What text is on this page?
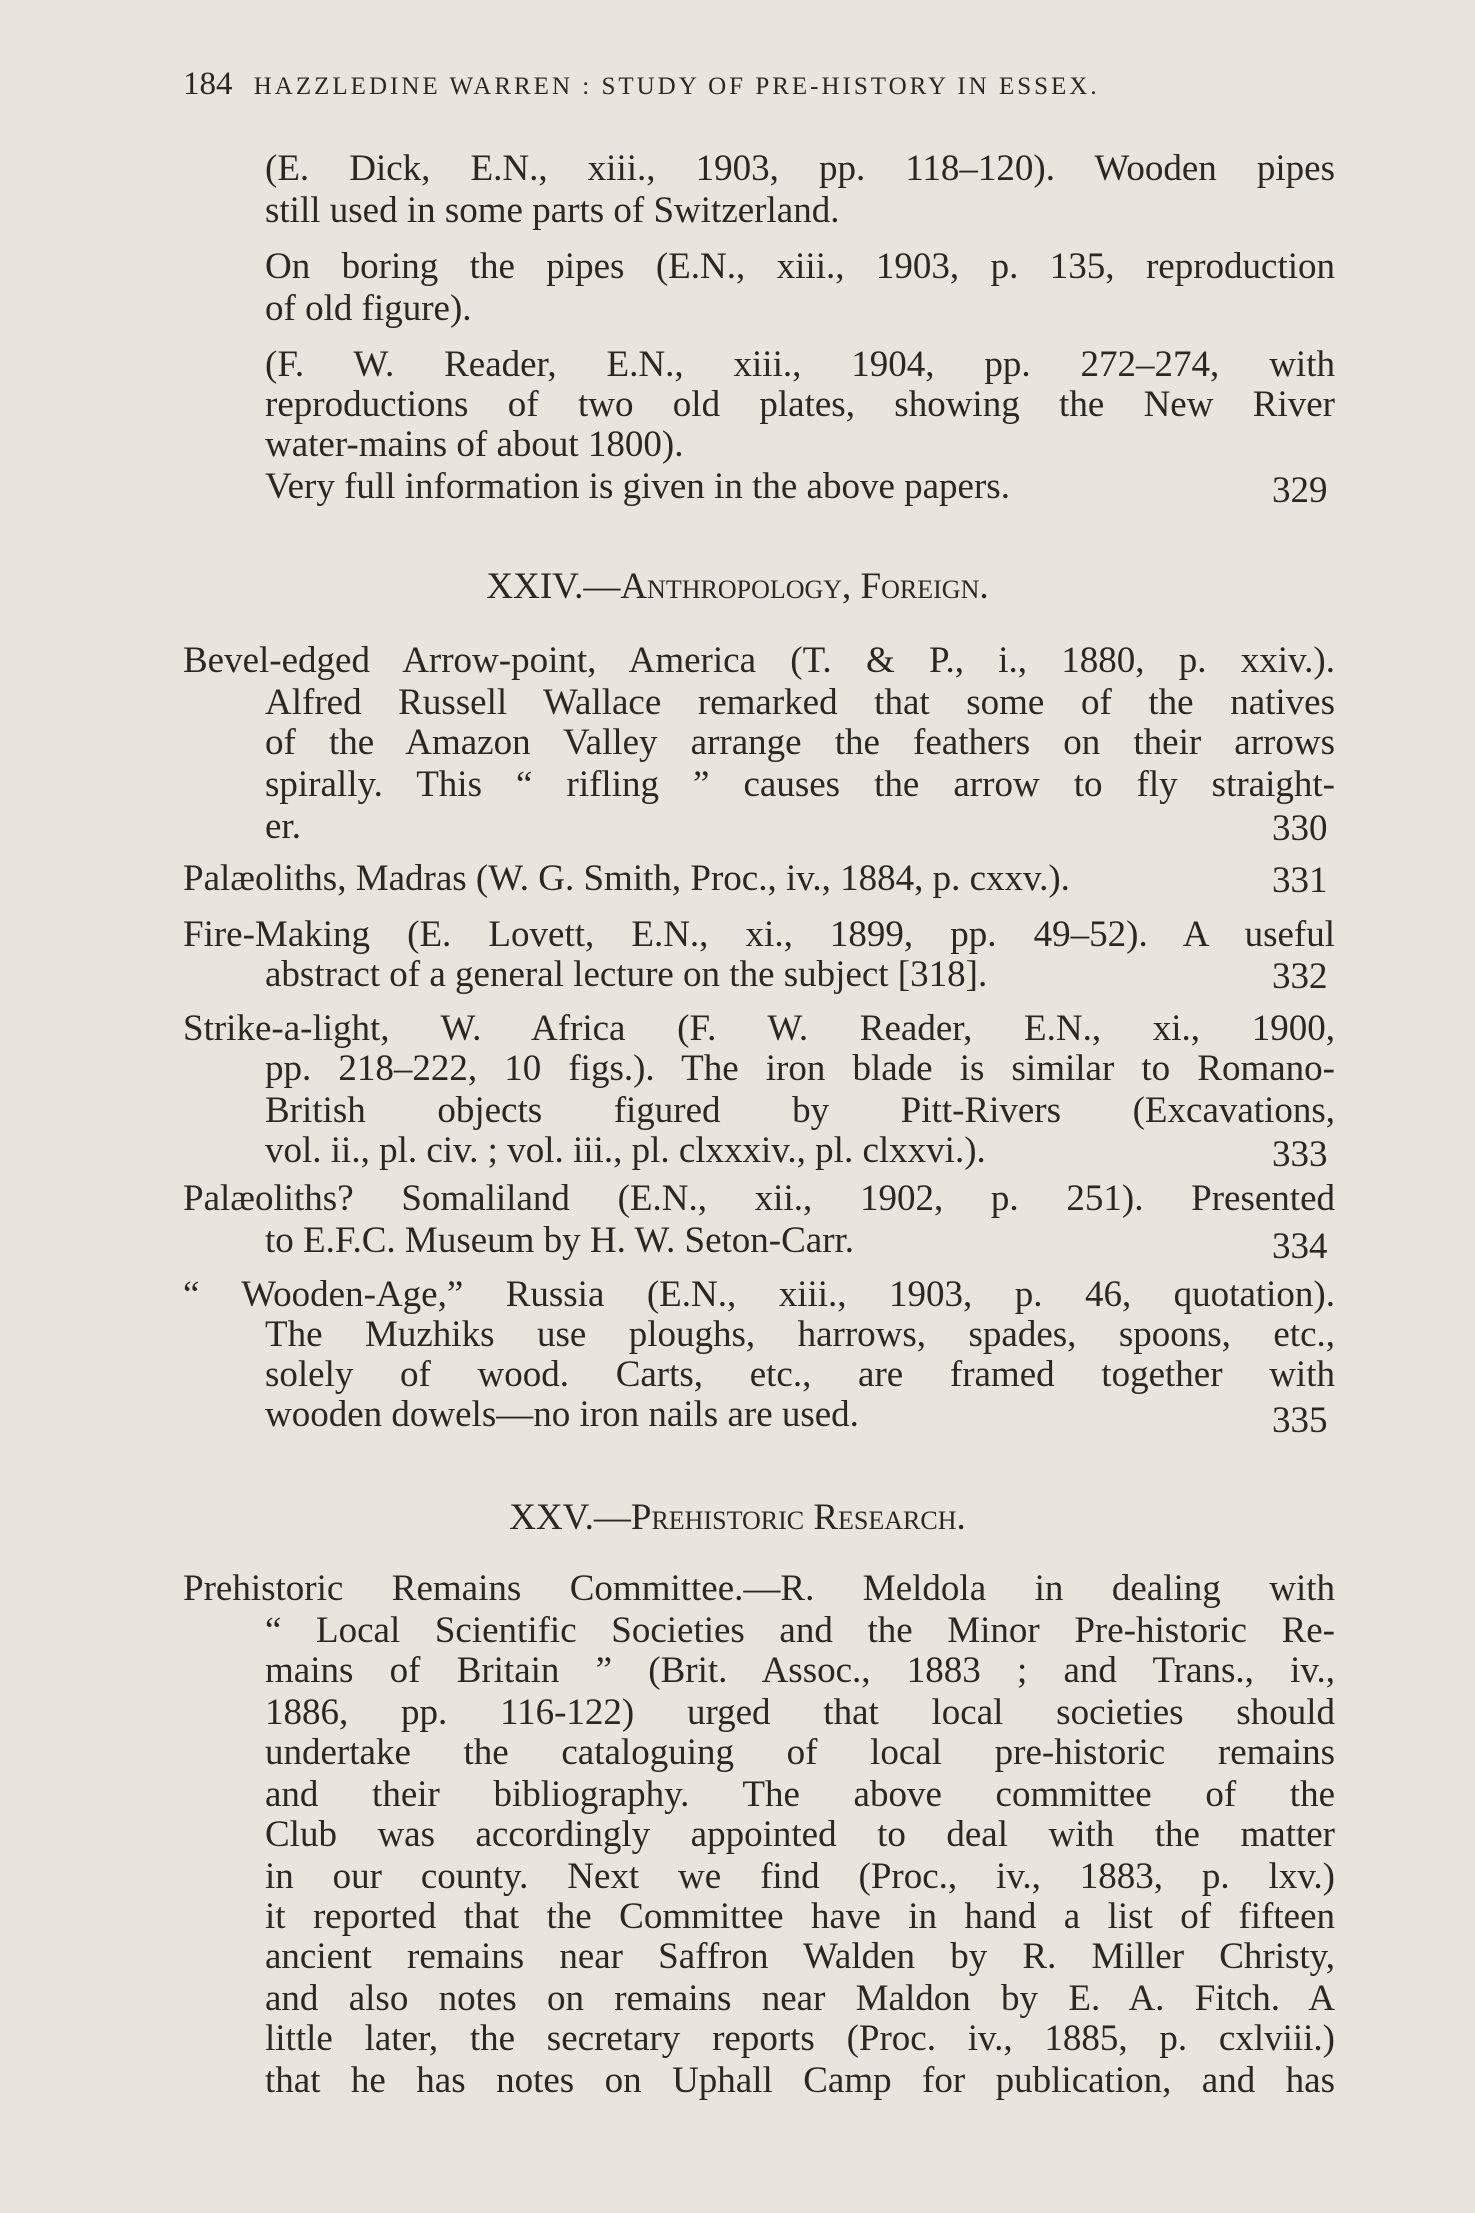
184 HAZZLEDINE WARREN : STUDY OF PRE-HISTORY IN ESSEX.
(E. Dick, E.N., xiii., 1903, pp. 118–120). Wooden pipes
still used in some parts of Switzerland.
On boring the pipes (E.N., xiii., 1903, p. 135, reproduction
of old figure).
(F. W. Reader, E.N., xiii., 1904, pp. 272–274, with
reproductions of two old plates, showing the New River
water-mains of about 1800).
Very full information is given in the above papers.	329
XXIV.—Anthropology, Foreign.
Bevel-edged Arrow-point, America (T. & P., i., 1880, p. xxiv.).
Alfred Russell Wallace remarked that some of the natives
of the Amazon Valley arrange the feathers on their arrows
spirally. This “ rifling ” causes the arrow to fly straight-
er.	330
Palæoliths, Madras (W. G. Smith, Proc., iv., 1884, p. cxxv.).	331
Fire-Making (E. Lovett, E.N., xi., 1899, pp. 49–52). A useful
abstract of a general lecture on the subject [318].	332
Strike-a-light, W. Africa (F. W. Reader, E.N., xi., 1900,
pp. 218–222, 10 figs.). The iron blade is similar to Romano-
British objects figured by Pitt-Rivers (Excavations,
vol. ii., pl. civ. ; vol. iii., pl. clxxxiv., pl. clxxvi.).	333
Palæoliths? Somaliland (E.N., xii., 1902, p. 251). Presented
to E.F.C. Museum by H. W. Seton-Carr.	334
“ Wooden-Age,” Russia (E.N., xiii., 1903, p. 46, quotation).
The Muzhiks use ploughs, harrows, spades, spoons, etc.,
solely of wood. Carts, etc., are framed together with
wooden dowels—no iron nails are used.	335
XXV.—Prehistoric Research.
Prehistoric Remains Committee.—R. Meldola in dealing with
“ Local Scientific Societies and the Minor Pre-historic Re-
mains of Britain ” (Brit. Assoc., 1883 ; and Trans., iv.,
1886, pp. 116-122) urged that local societies should
undertake the cataloguing of local pre-historic remains
and their bibliography. The above committee of the
Club was accordingly appointed to deal with the matter
in our county. Next we find (Proc., iv., 1883, p. lxv.)
it reported that the Committee have in hand a list of fifteen
ancient remains near Saffron Walden by R. Miller Christy,
and also notes on remains near Maldon by E. A. Fitch. A
little later, the secretary reports (Proc. iv., 1885, p. cxlviii.)
that he has notes on Uphall Camp for publication, and has
